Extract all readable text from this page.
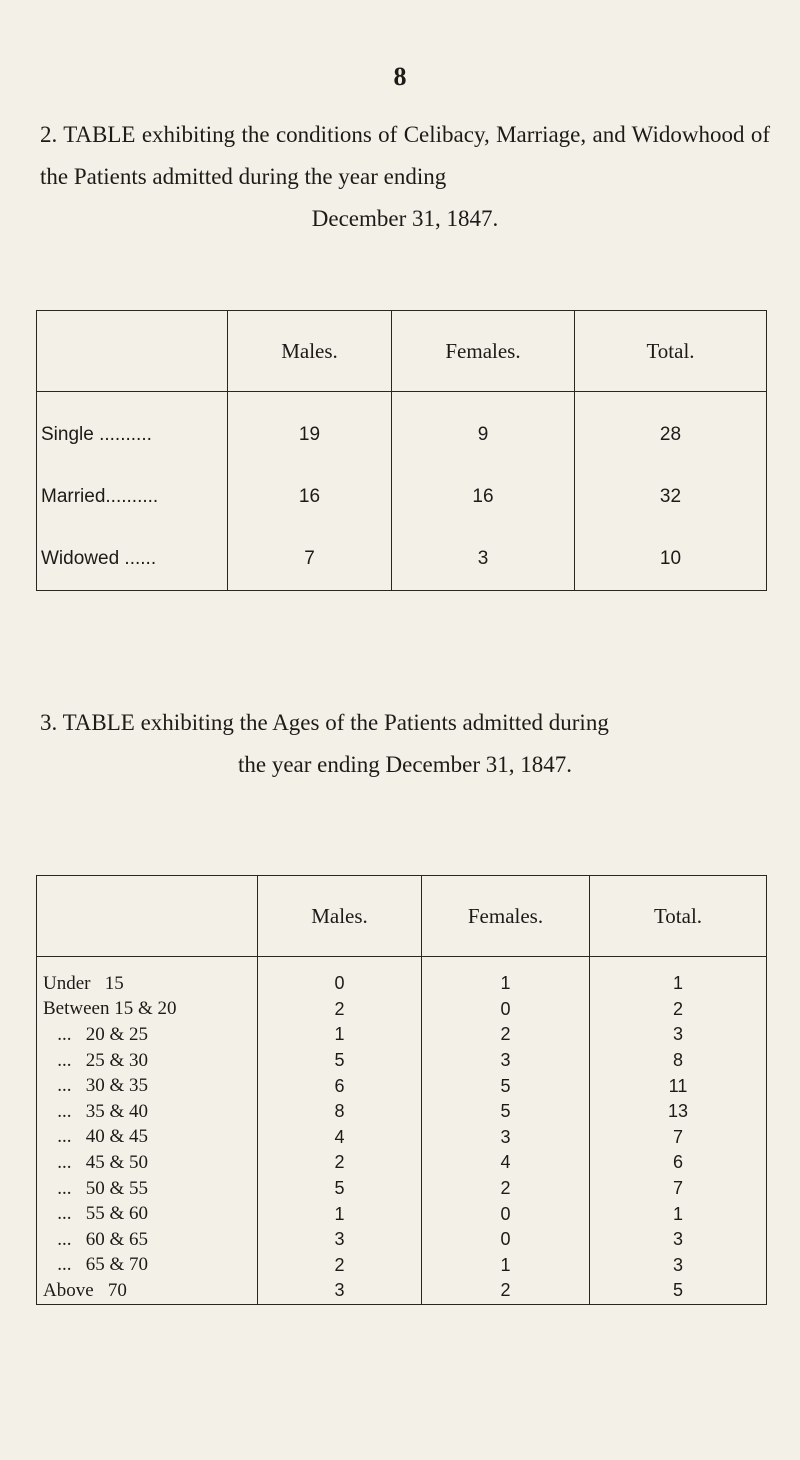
8
2. TABLE exhibiting the conditions of Celibacy, Marriage, and Widowhood of the Patients admitted during the year ending
December 31, 1847.
	Males.	Females.	Total.
Single ..........	19	9	28
Married..........	16	16	32
Widowed ......	7	3	10
3. TABLE exhibiting the Ages of the Patients admitted during
the year ending December 31, 1847.
	Males.	Females.	Total.
Under   15	0	1	1
Between 15 & 20	2	0	2
...   20 & 25	1	2	3
...   25 & 30	5	3	8
...   30 & 35	6	5	11
...   35 & 40	8	5	13
...   40 & 45	4	3	7
...   45 & 50	2	4	6
...   50 & 55	5	2	7
...   55 & 60	1	0	1
...   60 & 65	3	0	3
...   65 & 70	2	1	3
Above   70	3	2	5
